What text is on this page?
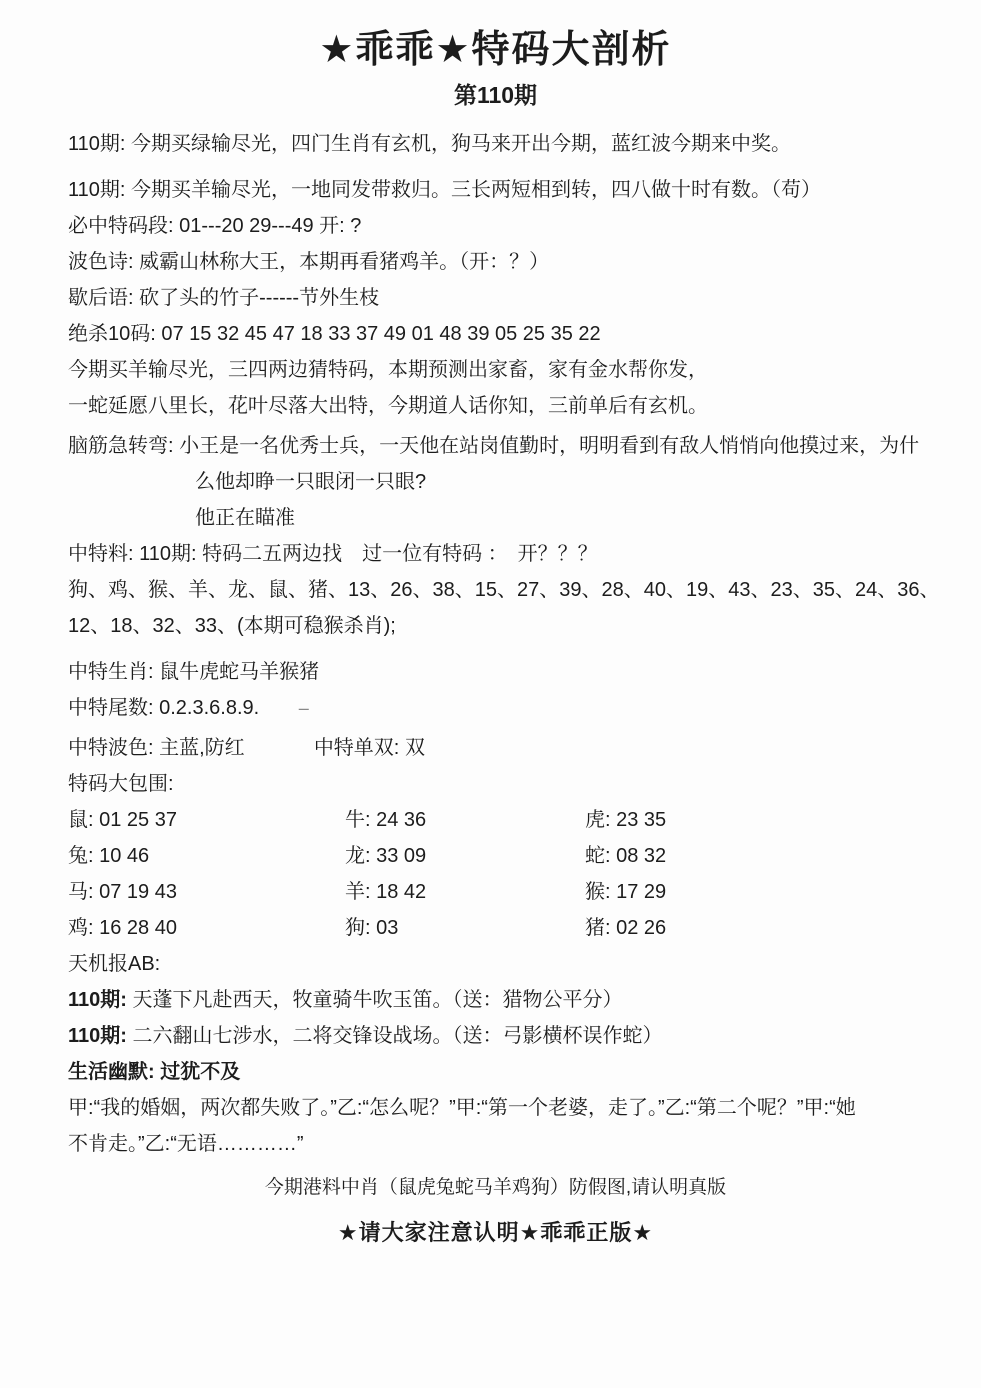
★乖乖★特码大剖析
第110期

110期: 今期买绿输尽光，四门生肖有玄机，狗马来开出今期，蓝红波今期来中奖。

110期: 今期买羊输尽光，一地同发带救归。三长两短相到转，四八做十时有数。（苟）

必中特码段: 01---20 29---49 开: ?

波色诗: 威霸山林称大王，本期再看猪鸡羊。（开：？）

歇后语: 砍了头的竹子------节外生枝

绝杀10码: 07 15 32 45 47 18 33 37 49 01 48 39 05 25 35 22

今期买羊输尽光，三四两边猜特码，本期预测出家畜，家有金水帮你发，

一蛇延愿八里长，花叶尽落大出特，今期道人话你知，三前单后有玄机。

脑筋急转弯: 小王是一名优秀士兵，一天他在站岗值勤时，明明看到有敌人悄悄向他摸过来，为什

么他却睁一只眼闭一只眼?

他正在瞄准

中特料: 110期: 特码二五两边找　过一位有特码 ：　开？？？

狗、鸡、猴、羊、龙、鼠、猪、13、26、38、15、27、39、28、40、19、43、23、35、24、36、

12、18、32、33、(本期可稳猴杀肖);

中特生肖: 鼠牛虎蛇马羊猴猪

中特尾数: 0.2.3.6.8.9. –

中特波色: 主蓝,防红	中特单双: 双

特码大包围:

鼠: 01 25 37	牛: 24 36	虎: 23 35
兔: 10 46	龙: 33 09	蛇: 08 32
马: 07 19 43	羊: 18 42	猴: 17 29
鸡: 16 28 40	狗: 03	猪: 02 26

天机报AB:

110期: 天蓬下凡赴西天，牧童骑牛吹玉笛。（送：猎物公平分）

110期: 二六翻山七涉水，二将交锋设战场。（送：弓影横杯误作蛇）

生活幽默: 过犹不及

甲:“我的婚姻，两次都失败了。”乙:“怎么呢？”甲:“第一个老婆，走了。”乙:“第二个呢？”甲:“她

不肯走。”乙:“无语…………”

今期港料中肖（鼠虎兔蛇马羊鸡狗）防假图,请认明真版

★请大家注意认明★乖乖正版★
